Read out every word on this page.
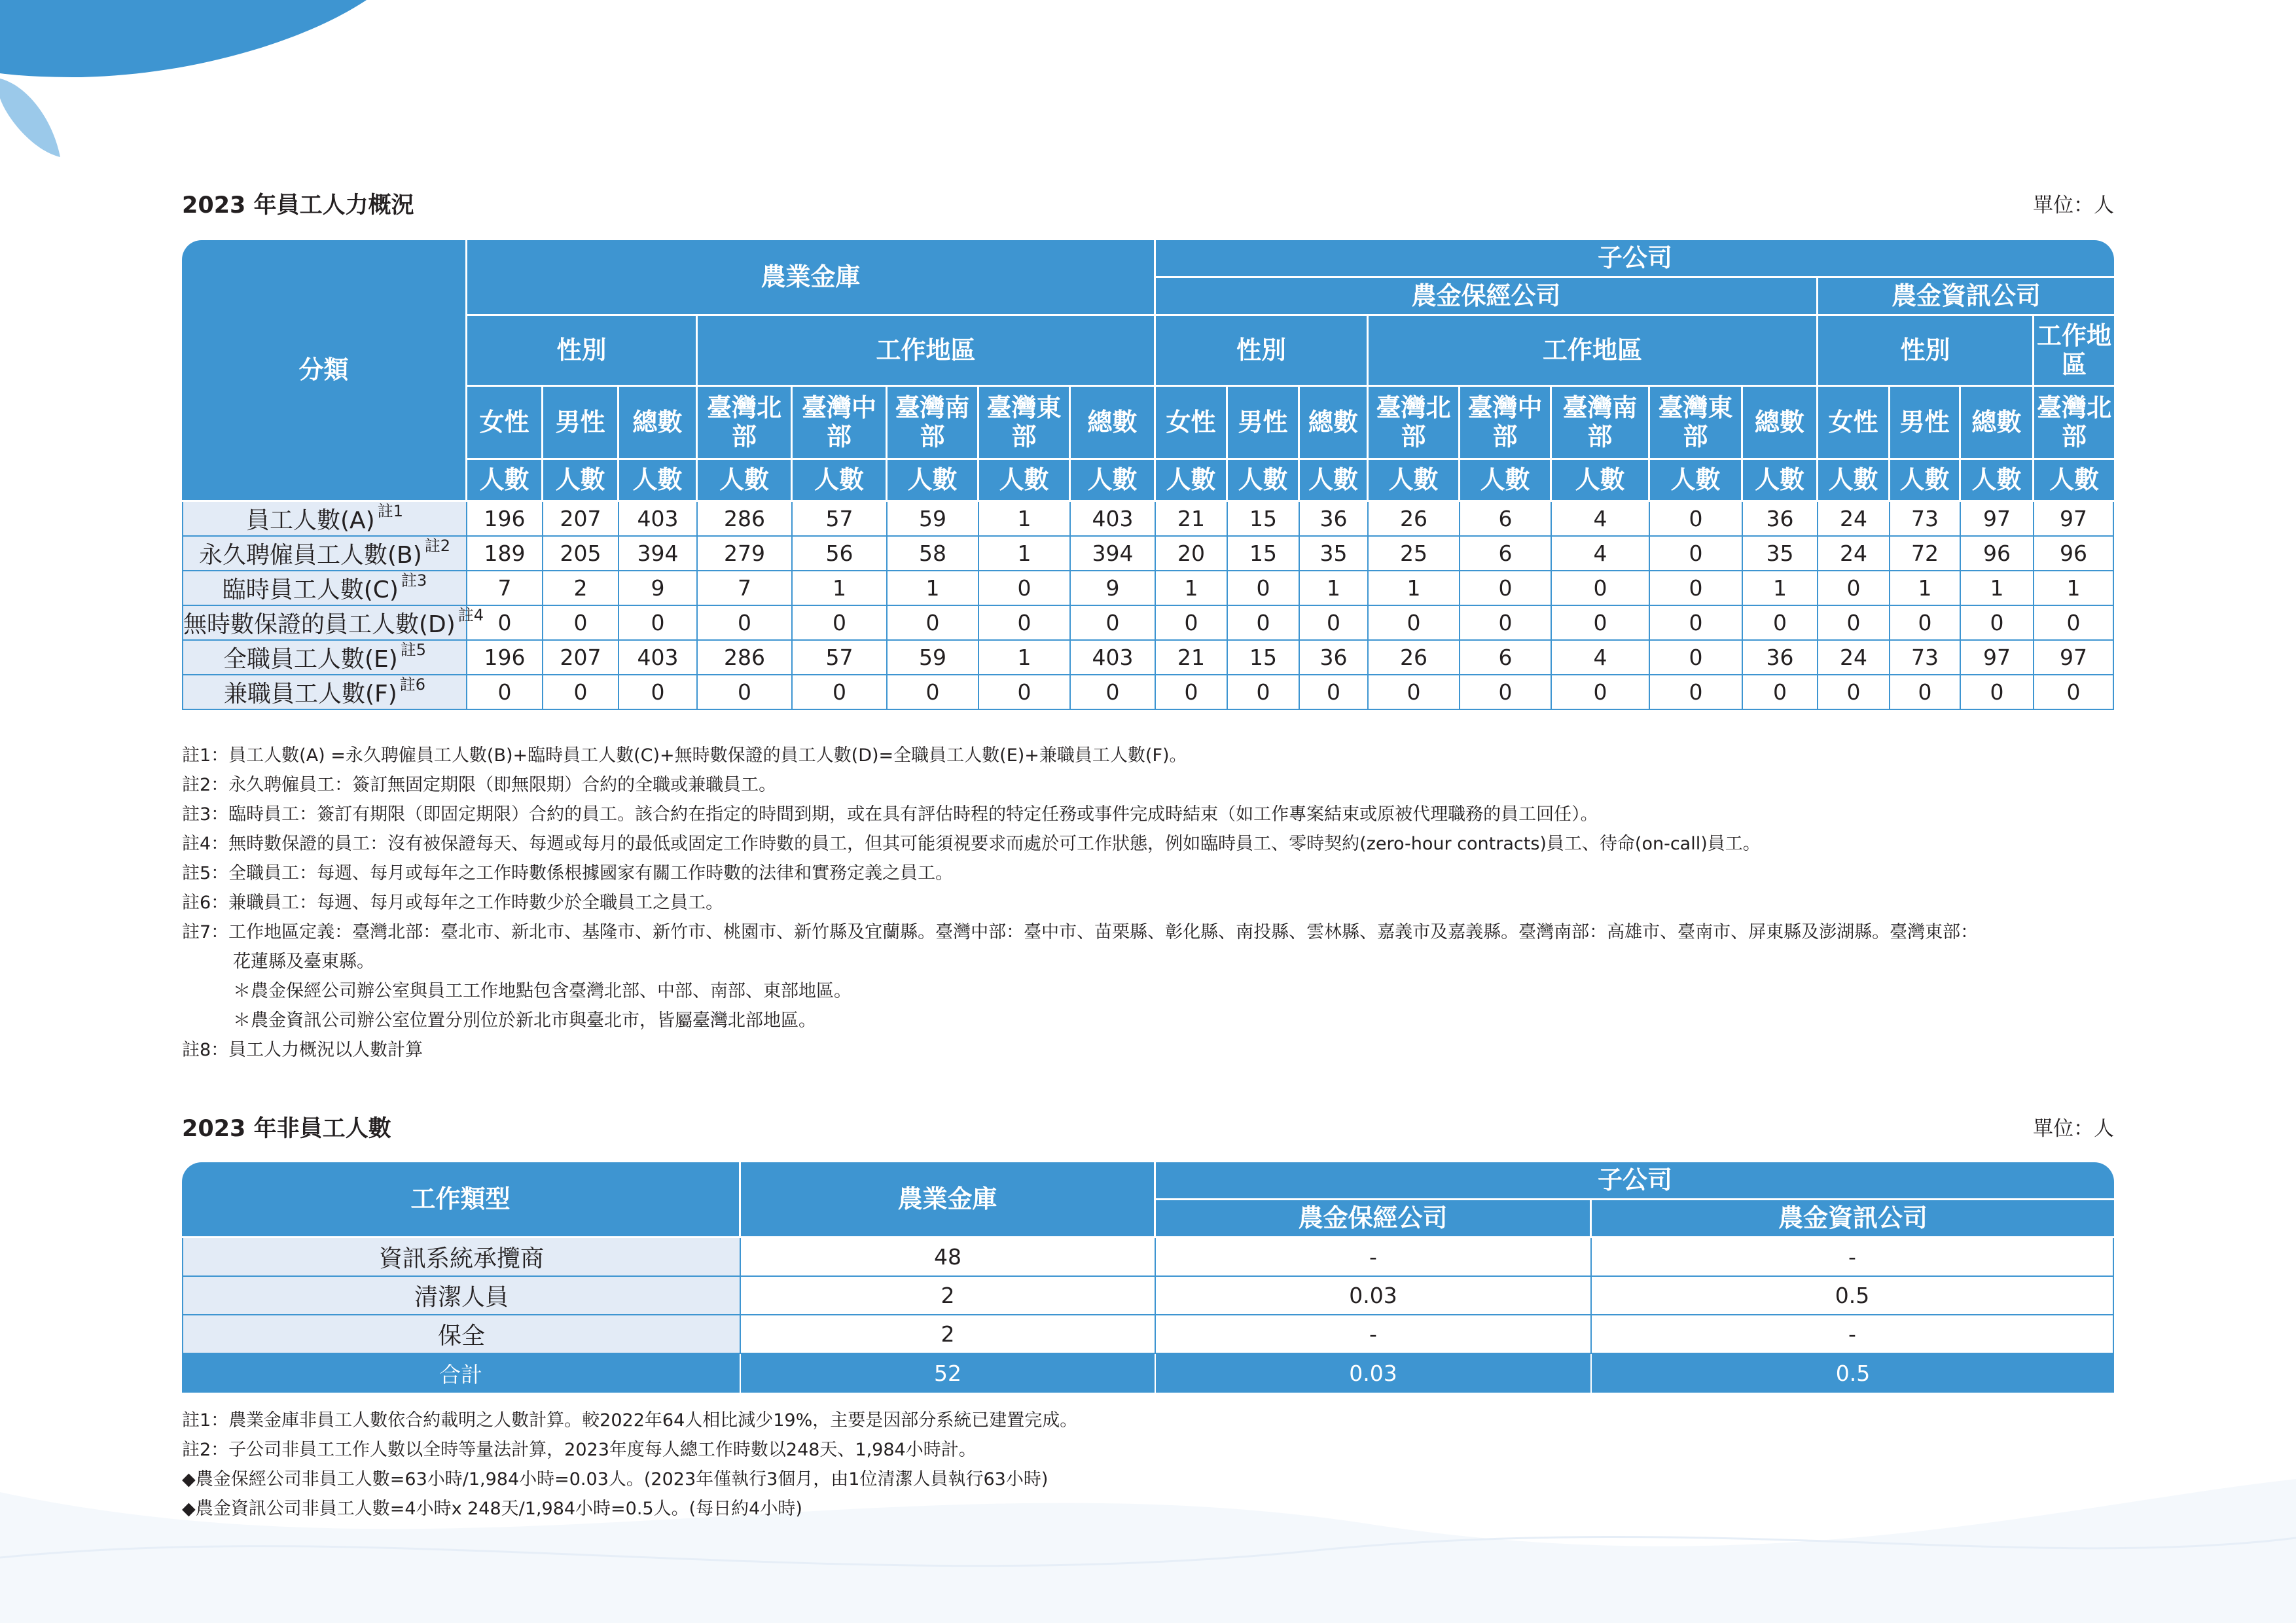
2023 年員工人力概況	單位：人
分類	農業金庫								子公司											
									農金保經公司								農金資訊公司			
	性別			工作地區					性別			工作地區					性別			工作地區
	女性	男性	總數	臺灣北部	臺灣中部	臺灣南部	臺灣東部	總數	女性	男性	總數	臺灣北部	臺灣中部	臺灣南部	臺灣東部	總數	女性	男性	總數	臺灣北部
	人數	人數	人數	人數	人數	人數	人數	人數	人數	人數	人數	人數	人數	人數	人數	人數	人數	人數	人數	人數
員工人數(A) $^{註1}$	196	207	403	286	57	59	1	403	21	15	36	26	6	4	0	36	24	73	97	97
永久聘僱員工人數(B) $^{註2}$	189	205	394	279	56	58	1	394	20	15	35	25	6	4	0	35	24	72	96	96
臨時員工人數(C) $^{註3}$	7	2	9	7	1	1	0	9	1	0	1	1	0	0	0	1	0	1	1	1
無時數保證的員工人數(D) $^{註4}$	0	0	0	0	0	0	0	0	0	0	0	0	0	0	0	0	0	0	0	0
全職員工人數(E) $^{註5}$	196	207	403	286	57	59	1	403	21	15	36	26	6	4	0	36	24	73	97	97
兼職員工人數(F) $^{註6}$	0	0	0	0	0	0	0	0	0	0	0	0	0	0	0	0	0	0	0	0
註1：員工人數(A) =永久聘僱員工人數(B)+臨時員工人數(C)+無時數保證的員工人數(D)=全職員工人數(E)+兼職員工人數(F)。
註2：永久聘僱員工：簽訂無固定期限（即無限期）合約的全職或兼職員工。
註3：臨時員工：簽訂有期限（即固定期限）合約的員工。該合約在指定的時間到期，或在具有評估時程的特定任務或事件完成時結束（如工作專案結束或原被代理職務的員工回任）。
註4：無時數保證的員工：沒有被保證每天、每週或每月的最低或固定工作時數的員工，但其可能須視要求而處於可工作狀態，例如臨時員工、零時契約(zero-hour contracts)員工、待命(on-call)員工。
註5：全職員工：每週、每月或每年之工作時數係根據國家有關工作時數的法律和實務定義之員工。
註6：兼職員工：每週、每月或每年之工作時數少於全職員工之員工。
註7：工作地區定義：臺灣北部：臺北市、新北市、基隆市、新竹市、桃園市、新竹縣及宜蘭縣。臺灣中部：臺中市、苗栗縣、彰化縣、南投縣、雲林縣、嘉義市及嘉義縣。臺灣南部：高雄市、臺南市、屏東縣及澎湖縣。臺灣東部：
花蓮縣及臺東縣。
＊農金保經公司辦公室與員工工作地點包含臺灣北部、中部、南部、東部地區。
＊農金資訊公司辦公室位置分別位於新北市與臺北市，皆屬臺灣北部地區。
註8：員工人力概況以人數計算
2023 年非員工人數	單位：人
工作類型	農業金庫	子公司	
		農金保經公司	農金資訊公司
資訊系統承攬商	48	-	-
清潔人員	2	0.03	0.5
保全	2	-	-
合計	52	0.03	0.5
註1：農業金庫非員工人數依合約載明之人數計算。較2022年64人相比減少19%，主要是因部分系統已建置完成。
註2：子公司非員工工作人數以全時等量法計算，2023年度每人總工作時數以248天、1,984小時計。
◆農金保經公司非員工人數=63小時/1,984小時=0.03人。(2023年僅執行3個月，由1位清潔人員執行63小時)
◆農金資訊公司非員工人數=4小時x 248天/1,984小時=0.5人。(每日約4小時)
